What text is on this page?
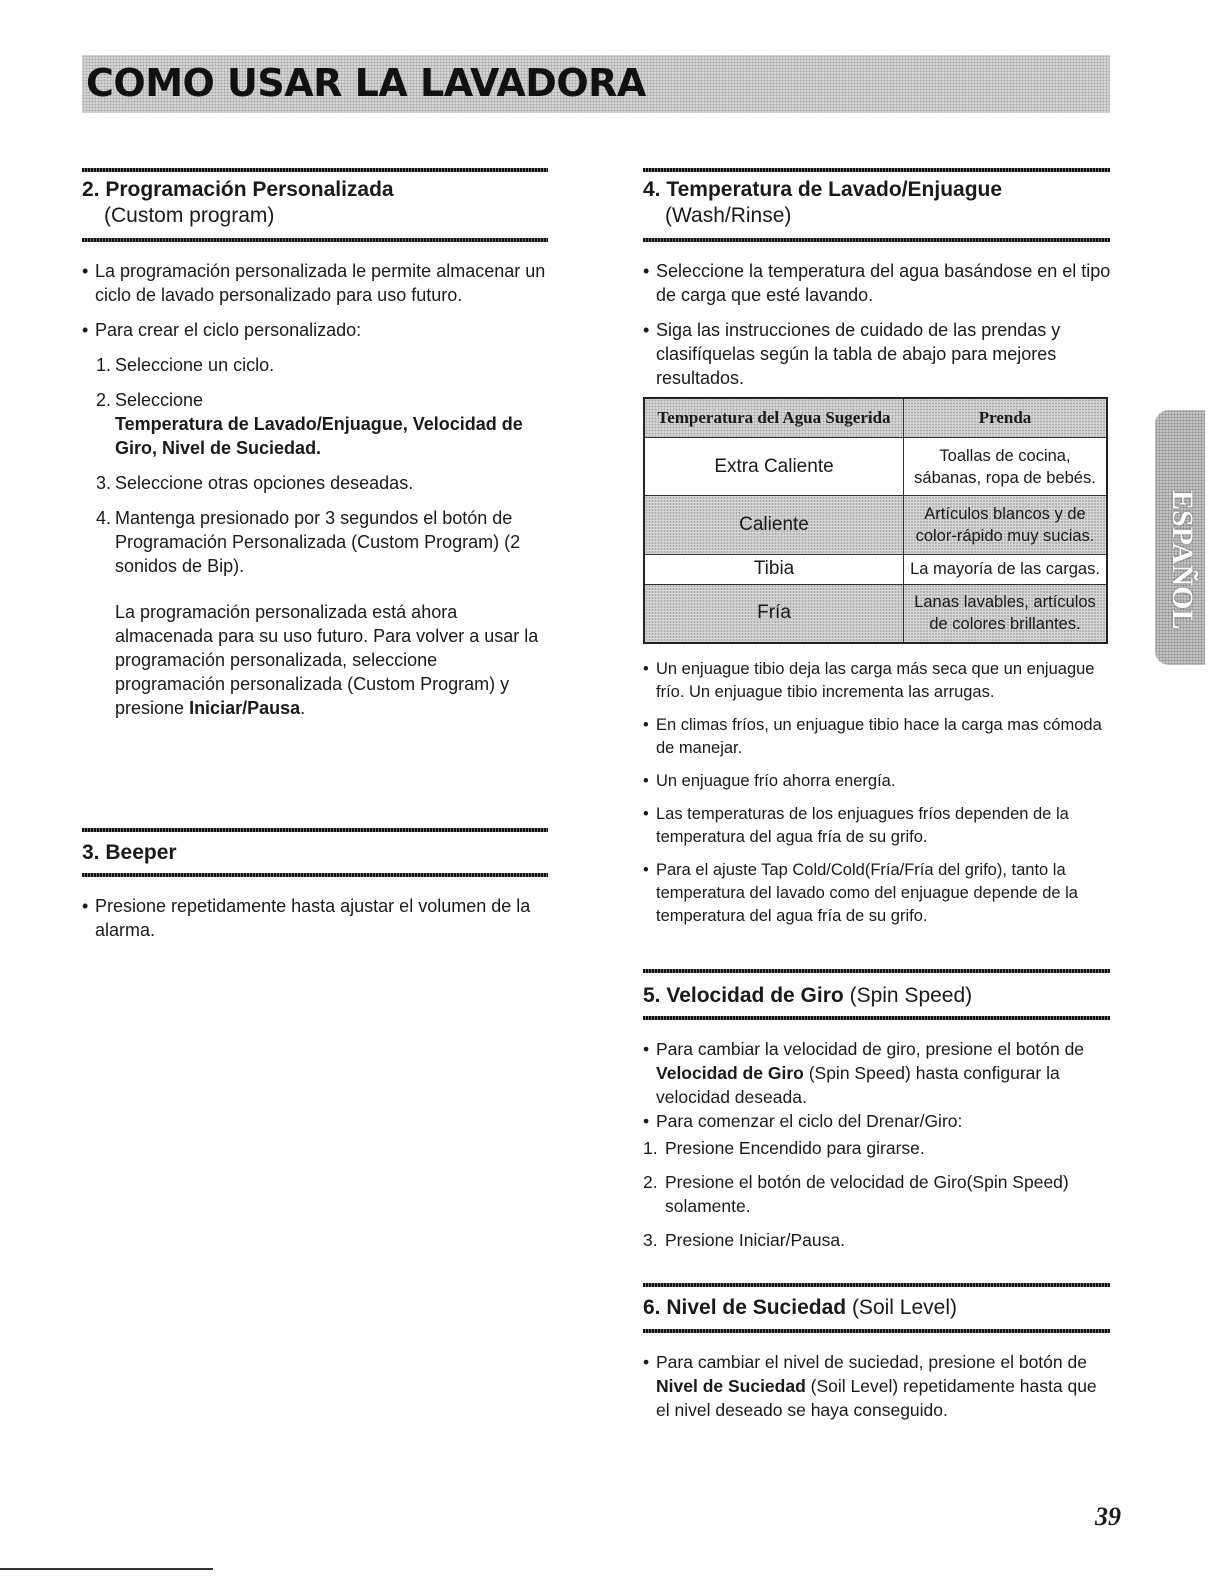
COMO USAR LA LAVADORA
2. Programación Personalizada
(Custom program)

• La programación personalizada le permite almacenar un ciclo de lavado personalizado para uso futuro.

• Para crear el ciclo personalizado:

1. Seleccione un ciclo.

2. Seleccione
Temperatura de Lavado/Enjuague, Velocidad de Giro, Nivel de Suciedad.

3. Seleccione otras opciones deseadas.

4. Mantenga presionado por 3 segundos el botón de Programación Personalizada (Custom Program) (2 sonidos de Bip).

La programación personalizada está ahora almacenada para su uso futuro. Para volver a usar la programación personalizada, seleccione programación personalizada (Custom Program) y presione Iniciar/Pausa.

3. Beeper

• Presione repetidamente hasta ajustar el volumen de la alarma.

4. Temperatura de Lavado/Enjuague
(Wash/Rinse)

• Seleccione la temperatura del agua basándose en el tipo de carga que esté lavando.

• Siga las instrucciones de cuidado de las prendas y clasifíquelas según la tabla de abajo para mejores resultados.

Temperatura del Agua Sugerida	Prenda
Extra Caliente	Toallas de cocina, sábanas, ropa de bebés.
Caliente	Artículos blancos y de color-rápido muy sucias.
Tibia	La mayoría de las cargas.
Fría	Lanas lavables, artículos de colores brillantes.

• Un enjuague tibio deja las carga más seca que un enjuague frío. Un enjuague tibio incrementa las arrugas.

• En climas fríos, un enjuague tibio hace la carga mas cómoda de manejar.

• Un enjuague frío ahorra energía.

• Las temperaturas de los enjuagues fríos dependen de la temperatura del agua fría de su grifo.

• Para el ajuste Tap Cold/Cold(Fría/Fría del grifo), tanto la temperatura del lavado como del enjuague depende de la temperatura del agua fría de su grifo.

5. Velocidad de Giro (Spin Speed)

• Para cambiar la velocidad de giro, presione el botón de Velocidad de Giro (Spin Speed) hasta configurar la velocidad deseada.

• Para comenzar el ciclo del Drenar/Giro:

1. Presione Encendido para girarse.

2. Presione el botón de velocidad de Giro(Spin Speed) solamente.

3. Presione Iniciar/Pausa.

6. Nivel de Suciedad (Soil Level)

• Para cambiar el nivel de suciedad, presione el botón de Nivel de Suciedad (Soil Level) repetidamente hasta que el nivel deseado se haya conseguido.

ESPAÑOL
39
